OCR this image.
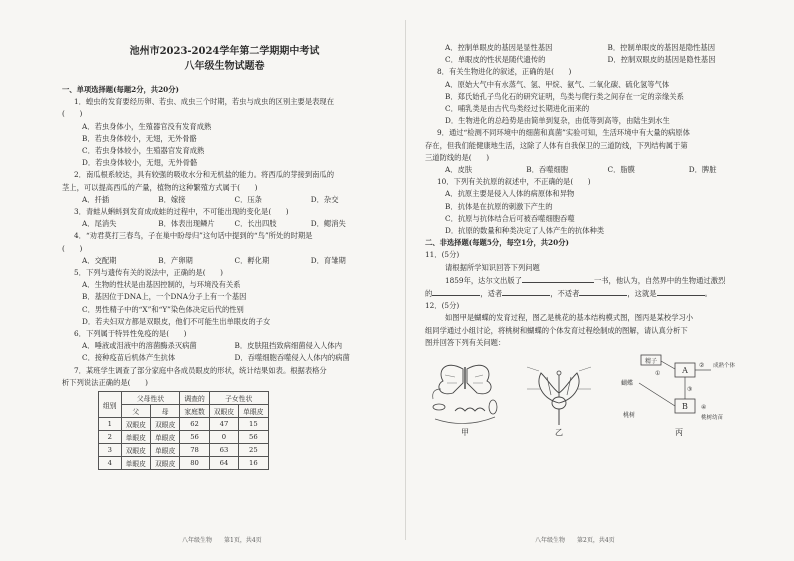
池州市2023-2024学年第二学期期中考试
八年级生物试题卷
一、单项选择题(每题2分，共20分)
1．蝗虫的发育要经历卵、若虫、成虫三个时期，若虫与成虫的区别主要是表现在
(　　)
A．若虫身体小，生殖器官没有发育成熟
B．若虫身体较小，无翅，无外骨骼
C．若虫身体较小，生殖器官发育成熟
D．若虫身体较小，无翅，无外骨骼
2．南瓜根系较达，具有较强的吸收水分和无机盐的能力。将西瓜的芽接到南瓜的
茎上，可以提高西瓜的产量，植物的这种繁殖方式属于(　　)
A．扦插	B．嫁接	C．压条	D．杂交
3．青蛙从蝌蚪到发育成成蛙的过程中，不可能出现的变化是(　　)
A．尾消失	B．体表出现鳞片	C．长出四肢	D．鳃消失
4．“劝君莫打三春鸟，子在巢中盼母归”这句话中提到的“鸟”所处的时期是
(　　)
A．交配期	B．产卵期	C．孵化期	D．育雏期
5．下列与遗传有关的说法中，正确的是(　　)
A．生物的性状是由基因控制的，与环境没有关系
B．基因位于DNA上，一个DNA分子上有一个基因
C．男性精子中的“X”和“Y”染色体决定后代的性别
D．若夫妇双方都是双眼皮，他们不可能生出单眼皮的子女
6．下列属于特异性免疫的是(　　)
A．唾液或泪液中的溶菌酶杀灭病菌	B．皮肤阻挡致病细菌侵入人体内
C．接种疫苗后机体产生抗体	D．吞噬细胞吞噬侵入人体内的病菌
7．某班学生调查了部分家庭中各成员眼皮的形状，统计结果如表。根据表格分
析下列说法正确的是(　　)
组别	父母性状		调查的	子女性状	
	父	母	家庭数	双眼皮	单眼皮
1	双眼皮	双眼皮	62	47	15
2	单眼皮	单眼皮	56	0	56
3	双眼皮	单眼皮	78	63	25
4	单眼皮	双眼皮	80	64	16
八年级生物　　第1页，共4页
A．控制单眼皮的基因是显性基因	B．控制单眼皮的基因是隐性基因
C．单眼皮的性状是随代遗传的	D．控制双眼皮的基因是隐性基因
8．有关生物进化的叙述，正确的是(　　)
A．原始大气中有水蒸气、氢、甲烷、氨气、二氧化碳、硫化氢等气体
B．郑氏始孔子鸟化石的研究证明，鸟类与爬行类之间存在一定的亲缘关系
C．哺乳类是由古代鸟类经过长期进化而来的
D．生物进化的总趋势是由简单到复杂，由低等到高等，由陆生到水生
9．通过“检测不同环境中的细菌和真菌”实验可知，生活环境中有大量的病原体
存在，但我们能健康地生活，这除了人体有自我保卫的三道防线，下列结构属于第
三道防线的是(　　)
A．皮肤	B．吞噬细胞	C．脂膜	D．脾脏
10．下列有关抗原的叙述中，不正确的是(　　)
A．抗原主要是侵入人体的病原体和异物
B．抗体是在抗原的刺激下产生的
C．抗原与抗体结合后可被吞噬细胞吞噬
D．抗原的数量和种类决定了人体产生的抗体种类
二、非选择题(每题5分，每空1分，共20分)
11．(5分)
请根据所学知识回答下列问题
1859年，达尔文出版了	一书，他认为，自然界中的生物通过激烈
的	，适者	，不适者	，这就是	。
12．(5分)
如图甲是蝴蝶的发育过程，图乙是桃花的基本结构模式图，图丙是某校学习小
组同学通过小组讨论，将桃树和蝴蝶的个体发育过程绘制成的图解，请认真分析下
图并回答下列有关问题：
甲	乙
精子
A
B
①
②
③
④
蝴蝶
成熟个体
桃树幼苗
桃树
丙
八年级生物　　第2页，共4页
